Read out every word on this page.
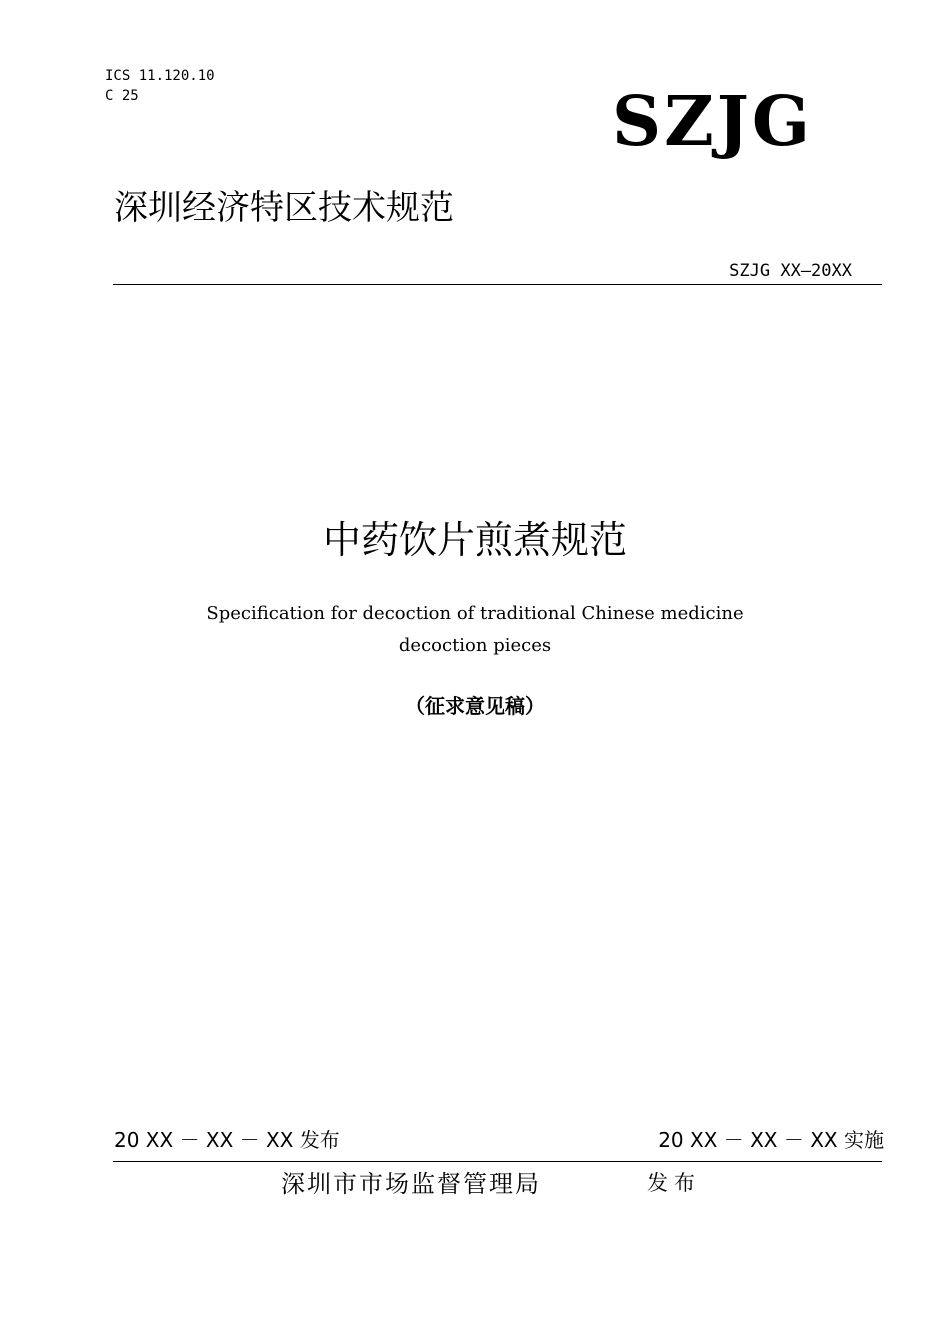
ICS 11.120.10
C 25	SZJG
深圳经济特区技术规范
SZJG XX—20XX
中药饮片煎煮规范
Specification for decoction of traditional Chinese medicine
decoction pieces
（征求意见稿）
20 XX － XX － XX 发布	20 XX － XX － XX 实施
深圳市市场监督管理局	发布
